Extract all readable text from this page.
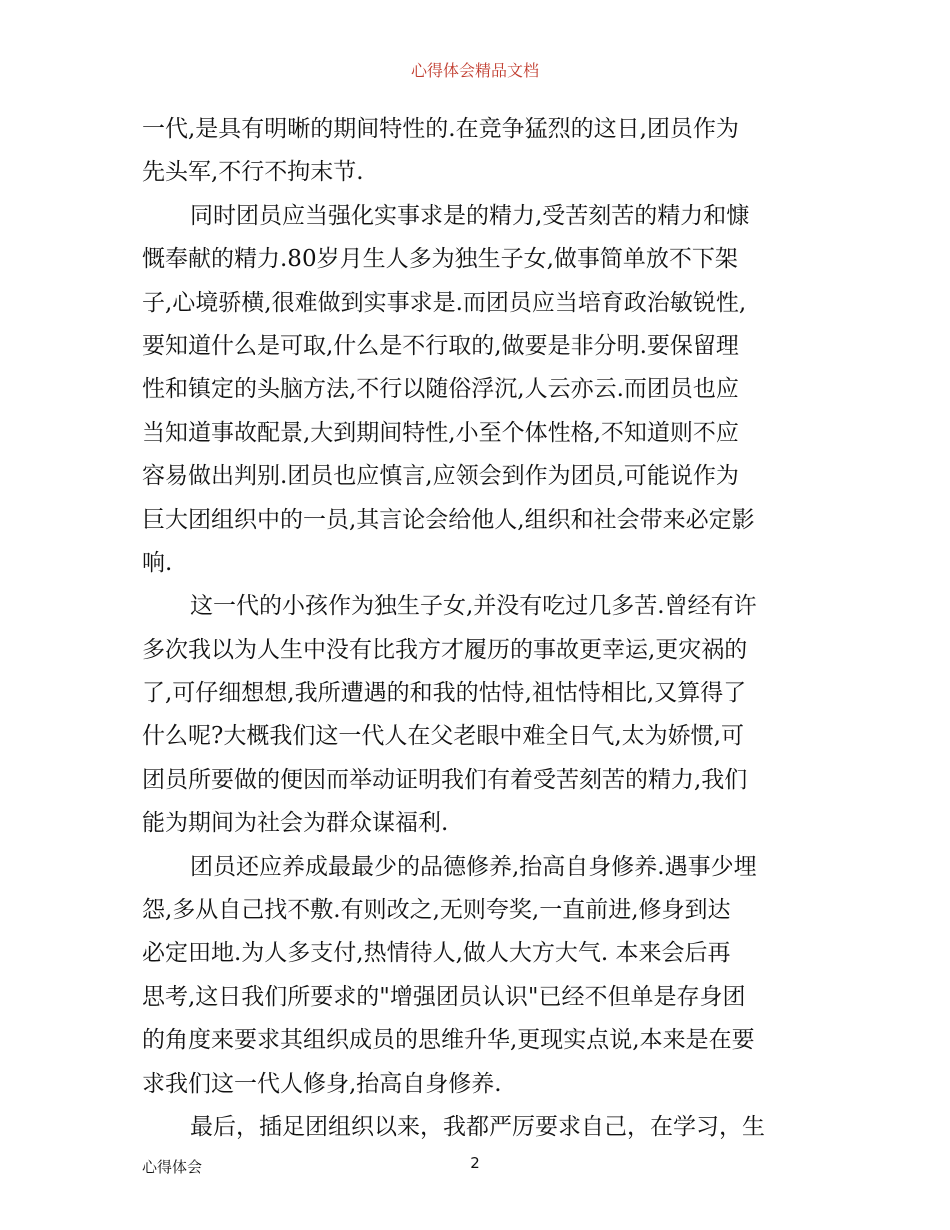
心得体会精品文档
一代,是具有明晰的期间特性的.在竞争猛烈的这日,团员作为
先头军,不行不拘末节.
同时团员应当强化实事求是的精力,受苦刻苦的精力和慷
慨奉献的精力.80岁月生人多为独生子女,做事简单放不下架
子,心境骄横,很难做到实事求是.而团员应当培育政治敏锐性,
要知道什么是可取,什么是不行取的,做要是非分明.要保留理
性和镇定的头脑方法,不行以随俗浮沉,人云亦云.而团员也应
当知道事故配景,大到期间特性,小至个体性格,不知道则不应
容易做出判别.团员也应慎言,应领会到作为团员,可能说作为
巨大团组织中的一员,其言论会给他人,组织和社会带来必定影
响.
这一代的小孩作为独生子女,并没有吃过几多苦.曾经有许
多次我以为人生中没有比我方才履历的事故更幸运,更灾祸的
了,可仔细想想,我所遭遇的和我的怙恃,祖怙恃相比,又算得了
什么呢?大概我们这一代人在父老眼中难全日气,太为娇惯,可
团员所要做的便因而举动证明我们有着受苦刻苦的精力,我们
能为期间为社会为群众谋福利.
团员还应养成最最少的品德修养,抬高自身修养.遇事少埋
怨,多从自己找不敷.有则改之,无则夸奖,一直前进,修身到达
必定田地.为人多支付,热情待人,做人大方大气. 本来会后再
思考,这日我们所要求的"增强团员认识"已经不但单是存身团
的角度来要求其组织成员的思维升华,更现实点说,本来是在要
求我们这一代人修身,抬高自身修养.
最后，插足团组织以来，我都严厉要求自己，在学习，生
心得体会	2
